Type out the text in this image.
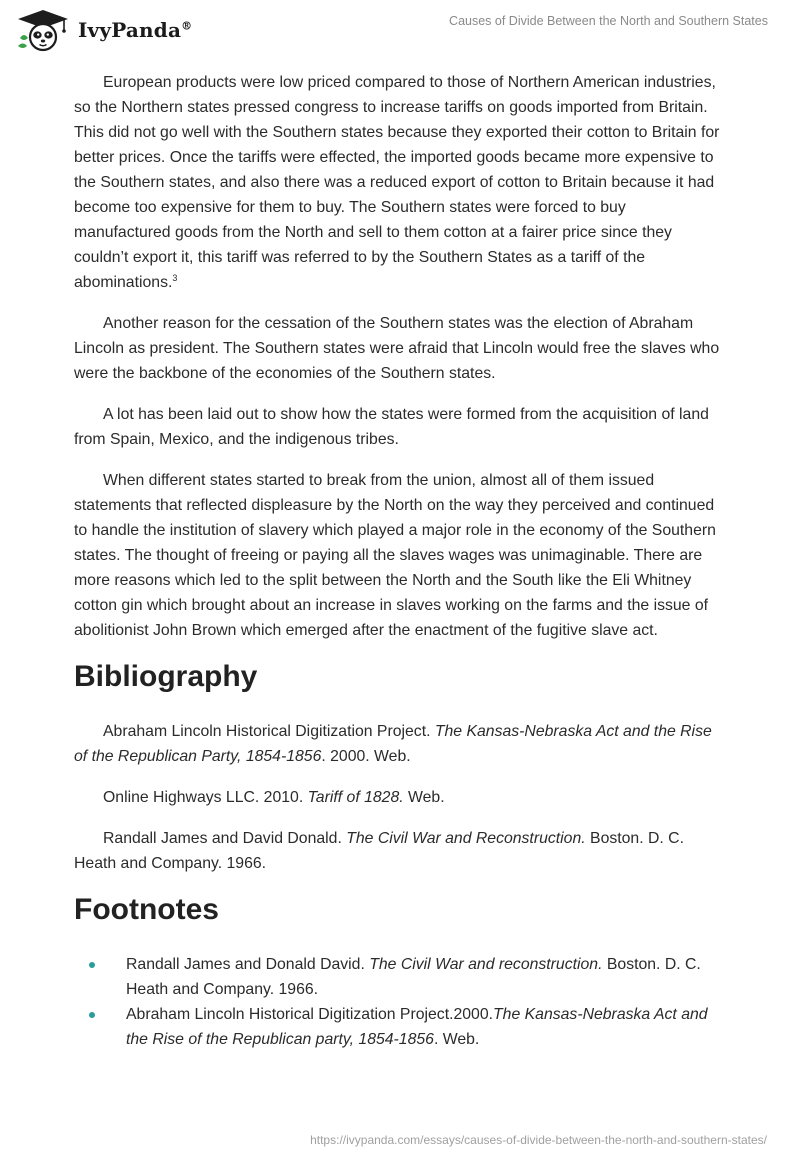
IvyPanda®	Causes of Divide Between the North and Southern States

European products were low priced compared to those of Northern American industries, so the Northern states pressed congress to increase tariffs on goods imported from Britain. This did not go well with the Southern states because they exported their cotton to Britain for better prices. Once the tariffs were effected, the imported goods became more expensive to the Southern states, and also there was a reduced export of cotton to Britain because it had become too expensive for them to buy. The Southern states were forced to buy manufactured goods from the North and sell to them cotton at a fairer price since they couldn’t export it, this tariff was referred to by the Southern States as a tariff of the abominations.$^3$

Another reason for the cessation of the Southern states was the election of Abraham Lincoln as president. The Southern states were afraid that Lincoln would free the slaves who were the backbone of the economies of the Southern states.

A lot has been laid out to show how the states were formed from the acquisition of land from Spain, Mexico, and the indigenous tribes.

When different states started to break from the union, almost all of them issued statements that reflected displeasure by the North on the way they perceived and continued to handle the institution of slavery which played a major role in the economy of the Southern states. The thought of freeing or paying all the slaves wages was unimaginable. There are more reasons which led to the split between the North and the South like the Eli Whitney cotton gin which brought about an increase in slaves working on the farms and the issue of abolitionist John Brown which emerged after the enactment of the fugitive slave act.

Bibliography

Abraham Lincoln Historical Digitization Project. The Kansas-Nebraska Act and the Rise of the Republican Party, 1854-1856. 2000. Web.

Online Highways LLC. 2010. Tariff of 1828. Web.

Randall James and David Donald. The Civil War and Reconstruction. Boston. D. C. Heath and Company. 1966.

Footnotes
Randall James and Donald David. The Civil War and reconstruction. Boston. D. C. Heath and Company. 1966.
Abraham Lincoln Historical Digitization Project.2000.The Kansas-Nebraska Act and the Rise of the Republican party, 1854-1856. Web.
https://ivypanda.com/essays/causes-of-divide-between-the-north-and-southern-states/
